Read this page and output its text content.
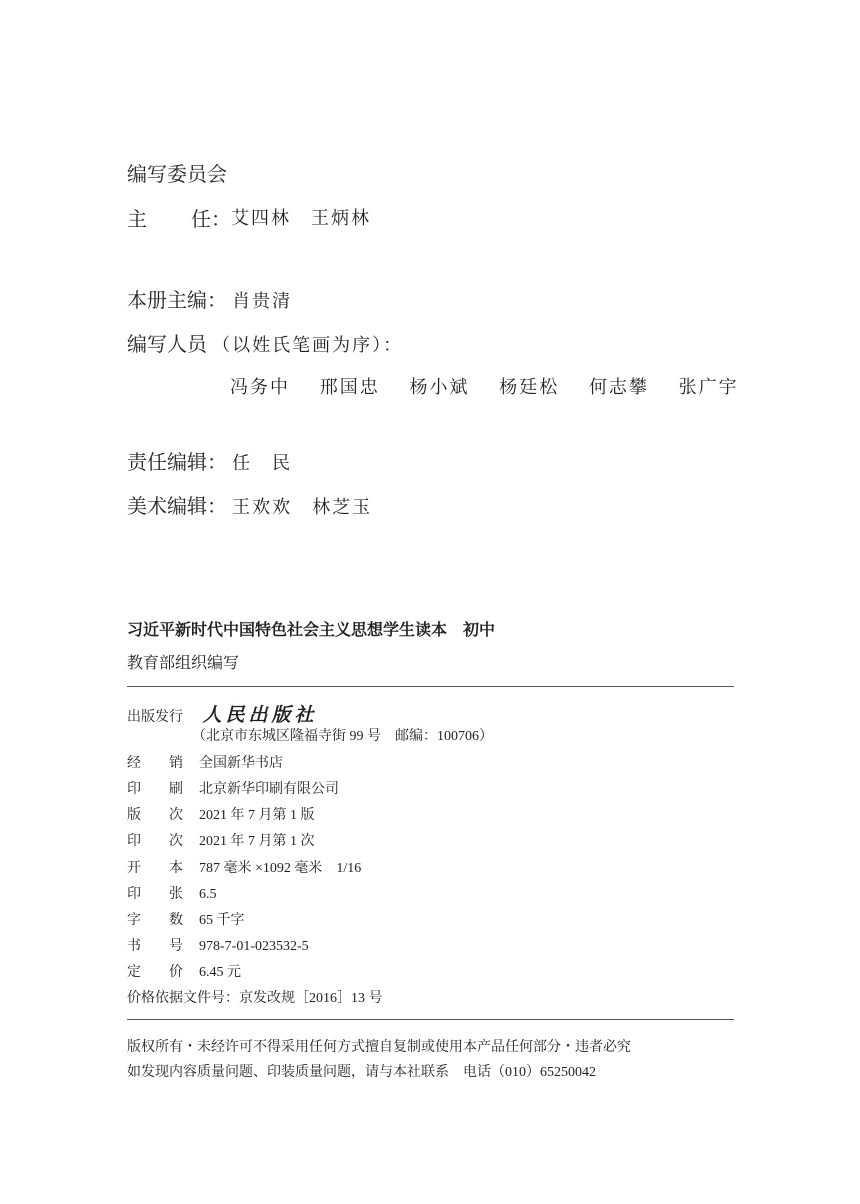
编写委员会
主 任： 艾四林　王炳林
本册主编： 肖贵清
编写人员 （以姓氏笔画为序）：
冯务中 邢国忠 杨小斌 杨廷松 何志攀 张广宇
责任编辑： 任　民
美术编辑： 王欢欢　林芝玉
习近平新时代中国特色社会主义思想学生读本　初中
教育部组织编写
出版发行 人民出版社
（北京市东城区隆福寺街 99 号　邮编：100706）
经 销 全国新华书店
印 刷 北京新华印刷有限公司
版 次 2021 年 7 月第 1 版
印 次 2021 年 7 月第 1 次
开 本 787 毫米 ×1092 毫米　1/16
印 张 6.5
字 数 65 千字
书 号 978-7-01-023532-5
定 价 6.45 元
价格依据文件号：京发改规［2016］13 号
版权所有・未经许可不得采用任何方式擅自复制或使用本产品任何部分・违者必究
如发现内容质量问题、印装质量问题，请与本社联系　电话（010）65250042
